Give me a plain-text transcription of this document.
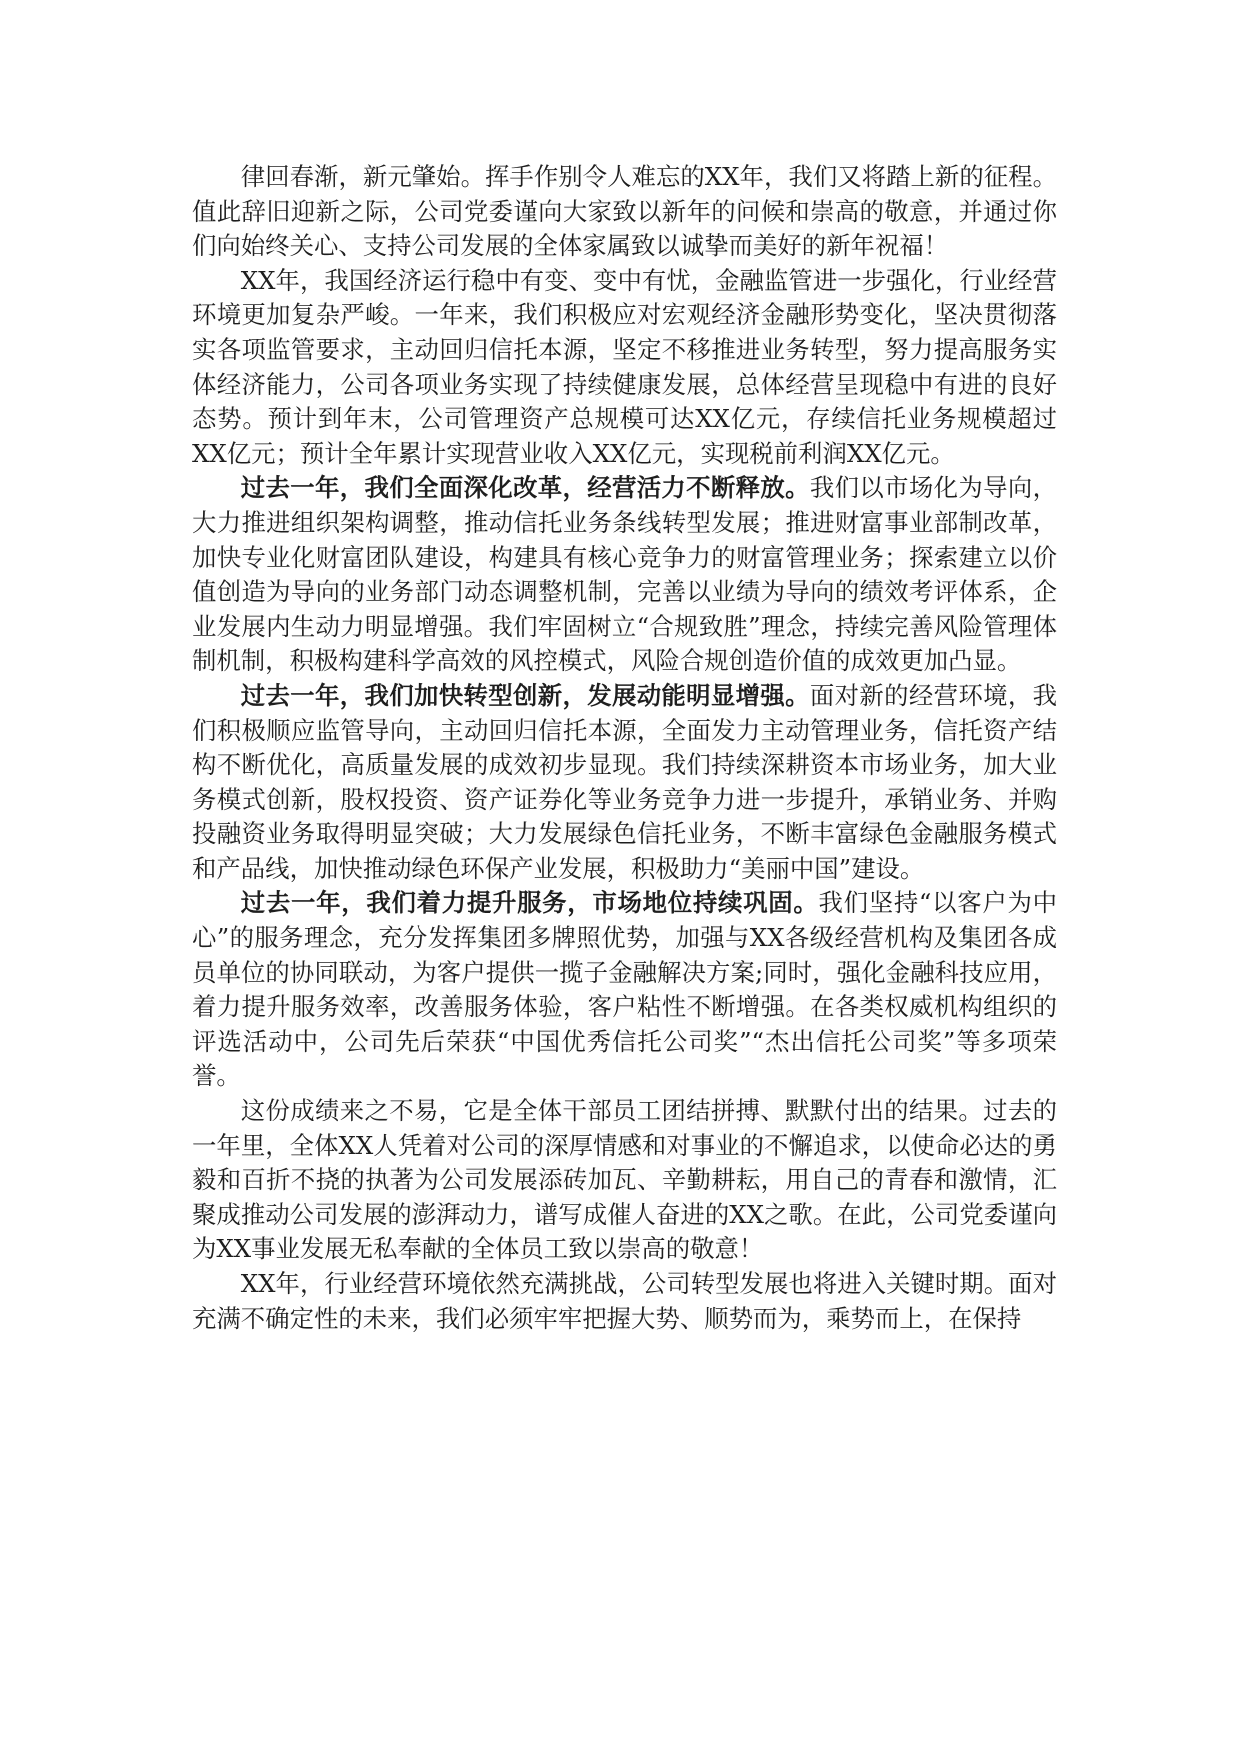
律回春渐，新元肇始。挥手作别令人难忘的XX年，我们又将踏上新的征程。值此辞旧迎新之际，公司党委谨向大家致以新年的问候和崇高的敬意，并通过你们向始终关心、支持公司发展的全体家属致以诚挚而美好的新年祝福！

XX年，我国经济运行稳中有变、变中有忧，金融监管进一步强化，行业经营环境更加复杂严峻。一年来，我们积极应对宏观经济金融形势变化，坚决贯彻落实各项监管要求，主动回归信托本源，坚定不移推进业务转型，努力提高服务实体经济能力，公司各项业务实现了持续健康发展，总体经营呈现稳中有进的良好态势。预计到年末，公司管理资产总规模可达XX亿元，存续信托业务规模超过XX亿元；预计全年累计实现营业收入XX亿元，实现税前利润XX亿元。

过去一年，我们全面深化改革，经营活力不断释放。我们以市场化为导向，大力推进组织架构调整，推动信托业务条线转型发展；推进财富事业部制改革，加快专业化财富团队建设，构建具有核心竞争力的财富管理业务；探索建立以价值创造为导向的业务部门动态调整机制，完善以业绩为导向的绩效考评体系，企业发展内生动力明显增强。我们牢固树立“合规致胜”理念，持续完善风险管理体制机制，积极构建科学高效的风控模式，风险合规创造价值的成效更加凸显。

过去一年，我们加快转型创新，发展动能明显增强。面对新的经营环境，我们积极顺应监管导向，主动回归信托本源，全面发力主动管理业务，信托资产结构不断优化，高质量发展的成效初步显现。我们持续深耕资本市场业务，加大业务模式创新，股权投资、资产证券化等业务竞争力进一步提升，承销业务、并购投融资业务取得明显突破；大力发展绿色信托业务，不断丰富绿色金融服务模式和产品线，加快推动绿色环保产业发展，积极助力“美丽中国”建设。

过去一年，我们着力提升服务，市场地位持续巩固。我们坚持“以客户为中心”的服务理念，充分发挥集团多牌照优势，加强与XX各级经营机构及集团各成员单位的协同联动，为客户提供一揽子金融解决方案;同时，强化金融科技应用，着力提升服务效率，改善服务体验，客户粘性不断增强。在各类权威机构组织的评选活动中，公司先后荣获“中国优秀信托公司奖”“杰出信托公司奖”等多项荣誉。

这份成绩来之不易，它是全体干部员工团结拼搏、默默付出的结果。过去的一年里，全体XX人凭着对公司的深厚情感和对事业的不懈追求，以使命必达的勇毅和百折不挠的执著为公司发展添砖加瓦、辛勤耕耘，用自己的青春和激情，汇聚成推动公司发展的澎湃动力，谱写成催人奋进的XX之歌。在此，公司党委谨向为XX事业发展无私奉献的全体员工致以崇高的敬意！

XX年，行业经营环境依然充满挑战，公司转型发展也将进入关键时期。面对充满不确定性的未来，我们必须牢牢把握大势、顺势而为，乘势而上，在保持
